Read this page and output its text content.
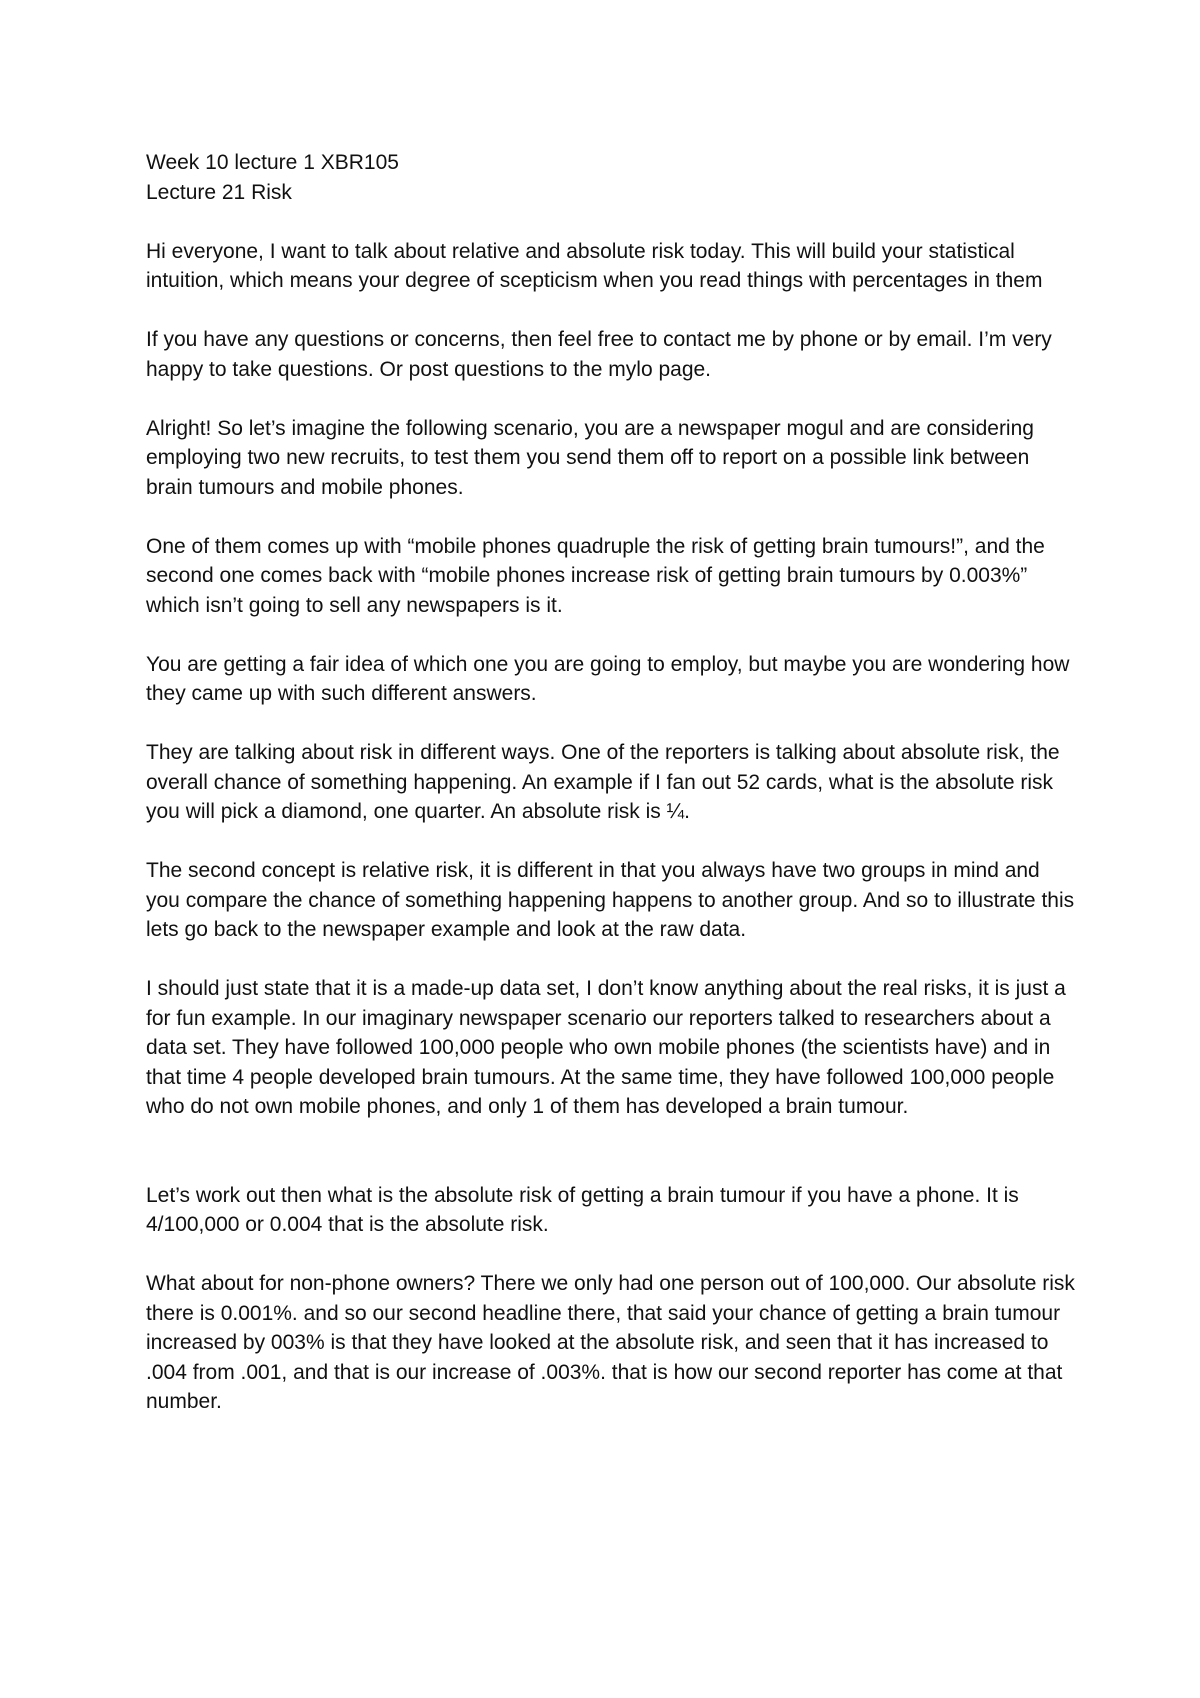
Week 10 lecture 1 XBR105

Lecture 21 Risk

Hi everyone, I want to talk about relative and absolute risk today. This will build your statistical intuition, which means your degree of scepticism when you read things with percentages in them

If you have any questions or concerns, then feel free to contact me by phone or by email. I’m very happy to take questions. Or post questions to the mylo page.

Alright! So let’s imagine the following scenario, you are a newspaper mogul and are considering employing two new recruits, to test them you send them off to report on a possible link between brain tumours and mobile phones.

One of them comes up with “mobile phones quadruple the risk of getting brain tumours!”, and the second one comes back with “mobile phones increase risk of getting brain tumours by 0.003%” which isn’t going to sell any newspapers is it.

You are getting a fair idea of which one you are going to employ, but maybe you are wondering how they came up with such different answers.

They are talking about risk in different ways. One of the reporters is talking about absolute risk, the overall chance of something happening. An example if I fan out 52 cards, what is the absolute risk you will pick a diamond, one quarter. An absolute risk is ¼.

The second concept is relative risk, it is different in that you always have two groups in mind and you compare the chance of something happening happens to another group. And so to illustrate this lets go back to the newspaper example and look at the raw data.

I should just state that it is a made-up data set, I don’t know anything about the real risks, it is just a for fun example. In our imaginary newspaper scenario our reporters talked to researchers about a data set. They have followed 100,000 people who own mobile phones (the scientists have) and in that time 4 people developed brain tumours. At the same time, they have followed 100,000 people who do not own mobile phones, and only 1 of them has developed a brain tumour.

Let’s work out then what is the absolute risk of getting a brain tumour if you have a phone. It is 4/100,000 or 0.004 that is the absolute risk.

What about for non-phone owners? There we only had one person out of 100,000. Our absolute risk there is 0.001%. and so our second headline there, that said your chance of getting a brain tumour increased by 003% is that they have looked at the absolute risk, and seen that it has increased to .004 from .001, and that is our increase of .003%. that is how our second reporter has come at that number.
